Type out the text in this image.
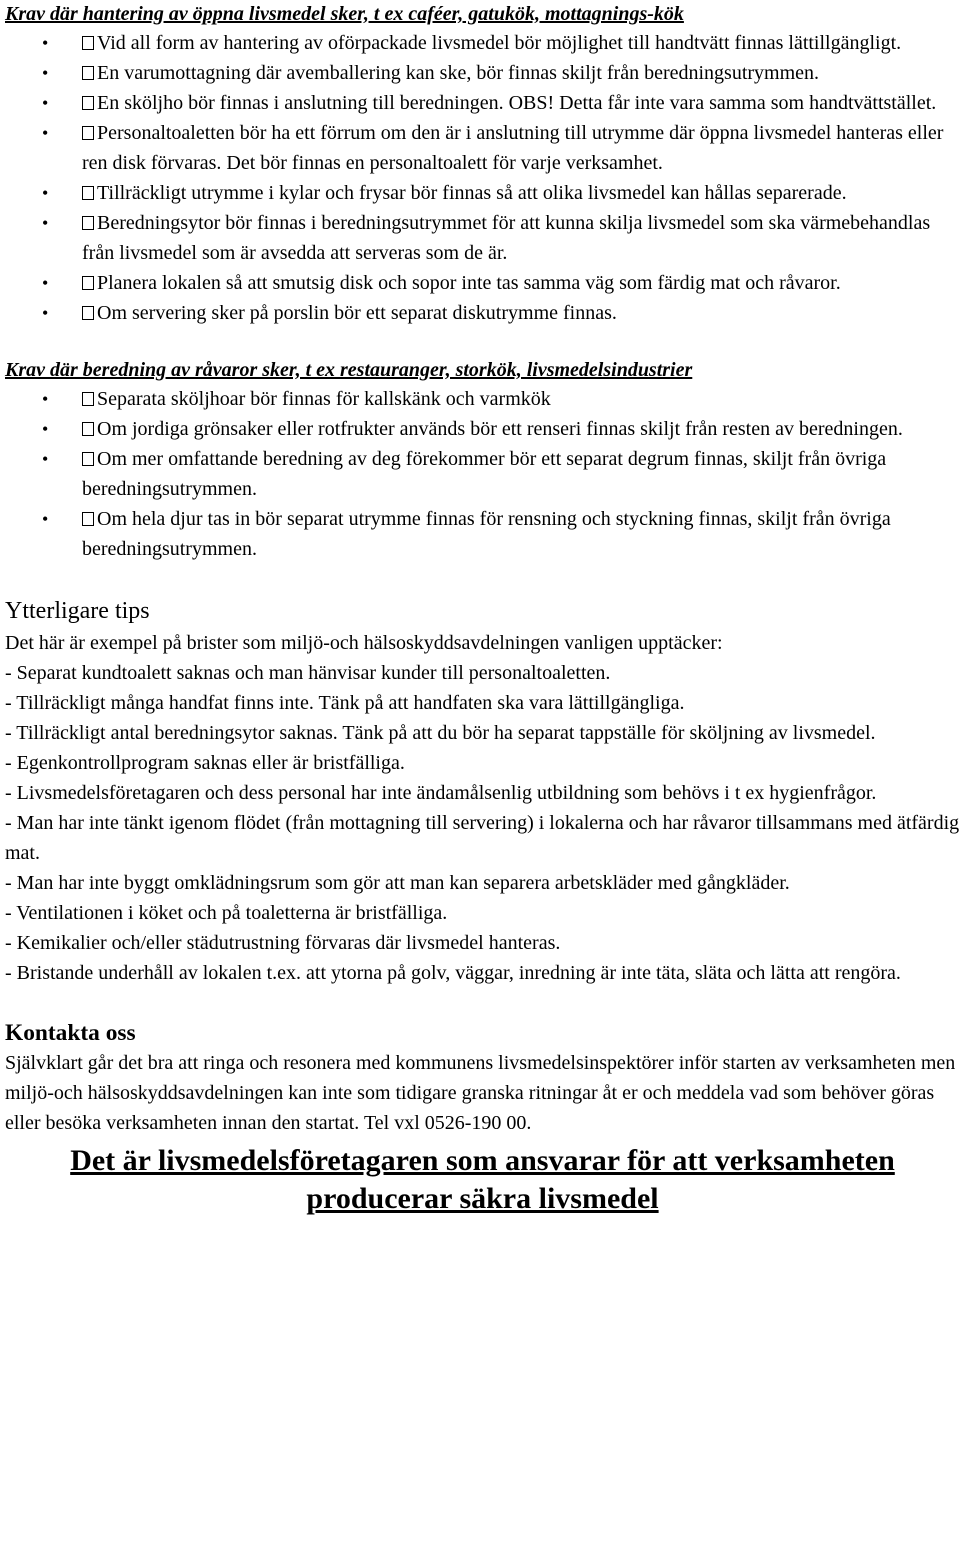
Krav där hantering av öppna livsmedel sker, t ex caféer, gatukök, mottagnings-kök
• Vid all form av hantering av oförpackade livsmedel bör möjlighet till handtvätt finnas lättillgängligt.
• En varumottagning där avemballering kan ske, bör finnas skiljt från beredningsutrymmen.
• En sköljho bör finnas i anslutning till beredningen. OBS! Detta får inte vara samma som handtvättstället.
• Personaltoaletten bör ha ett förrum om den är i anslutning till utrymme där öppna livsmedel hanteras eller ren disk förvaras. Det bör finnas en personaltoalett för varje verksamhet.
• Tillräckligt utrymme i kylar och frysar bör finnas så att olika livsmedel kan hållas separerade.
• Beredningsytor bör finnas i beredningsutrymmet för att kunna skilja livsmedel som ska värmebehandlas från livsmedel som är avsedda att serveras som de är.
• Planera lokalen så att smutsig disk och sopor inte tas samma väg som färdig mat och råvaror.
• Om servering sker på porslin bör ett separat diskutrymme finnas.
Krav där beredning av råvaror sker, t ex restauranger, storkök, livsmedelsindustrier
• Separata sköljhoar bör finnas för kallskänk och varmkök
• Om jordiga grönsaker eller rotfrukter används bör ett renseri finnas skiljt från resten av beredningen.
• Om mer omfattande beredning av deg förekommer bör ett separat degrum finnas, skiljt från övriga beredningsutrymmen.
• Om hela djur tas in bör separat utrymme finnas för rensning och styckning finnas, skiljt från övriga beredningsutrymmen.
Ytterligare tips

Det här är exempel på brister som miljö-och hälsoskyddsavdelningen vanligen upptäcker:

- Separat kundtoalett saknas och man hänvisar kunder till personaltoaletten.

- Tillräckligt många handfat finns inte. Tänk på att handfaten ska vara lättillgängliga.

- Tillräckligt antal beredningsytor saknas. Tänk på att du bör ha separat tappställe för sköljning av livsmedel.

- Egenkontrollprogram saknas eller är bristfälliga.

- Livsmedelsföretagaren och dess personal har inte ändamålsenlig utbildning som behövs i t ex hygienfrågor.

- Man har inte tänkt igenom flödet (från mottagning till servering) i lokalerna och har råvaror tillsammans med ätfärdig mat.

- Man har inte byggt omklädningsrum som gör att man kan separera arbetskläder med gångkläder.

- Ventilationen i köket och på toaletterna är bristfälliga.

- Kemikalier och/eller städutrustning förvaras där livsmedel hanteras.

- Bristande underhåll av lokalen t.ex. att ytorna på golv, väggar, inredning är inte täta, släta och lätta att rengöra.

Kontakta oss

Självklart går det bra att ringa och resonera med kommunens livsmedelsinspektörer inför starten av verksamheten men miljö-och hälsoskyddsavdelningen kan inte som tidigare granska ritningar åt er och meddela vad som behöver göras eller besöka verksamheten innan den startat. Tel vxl 0526-190 00.

Det är livsmedelsföretagaren som ansvarar för att verksamheten producerar säkra livsmedel
